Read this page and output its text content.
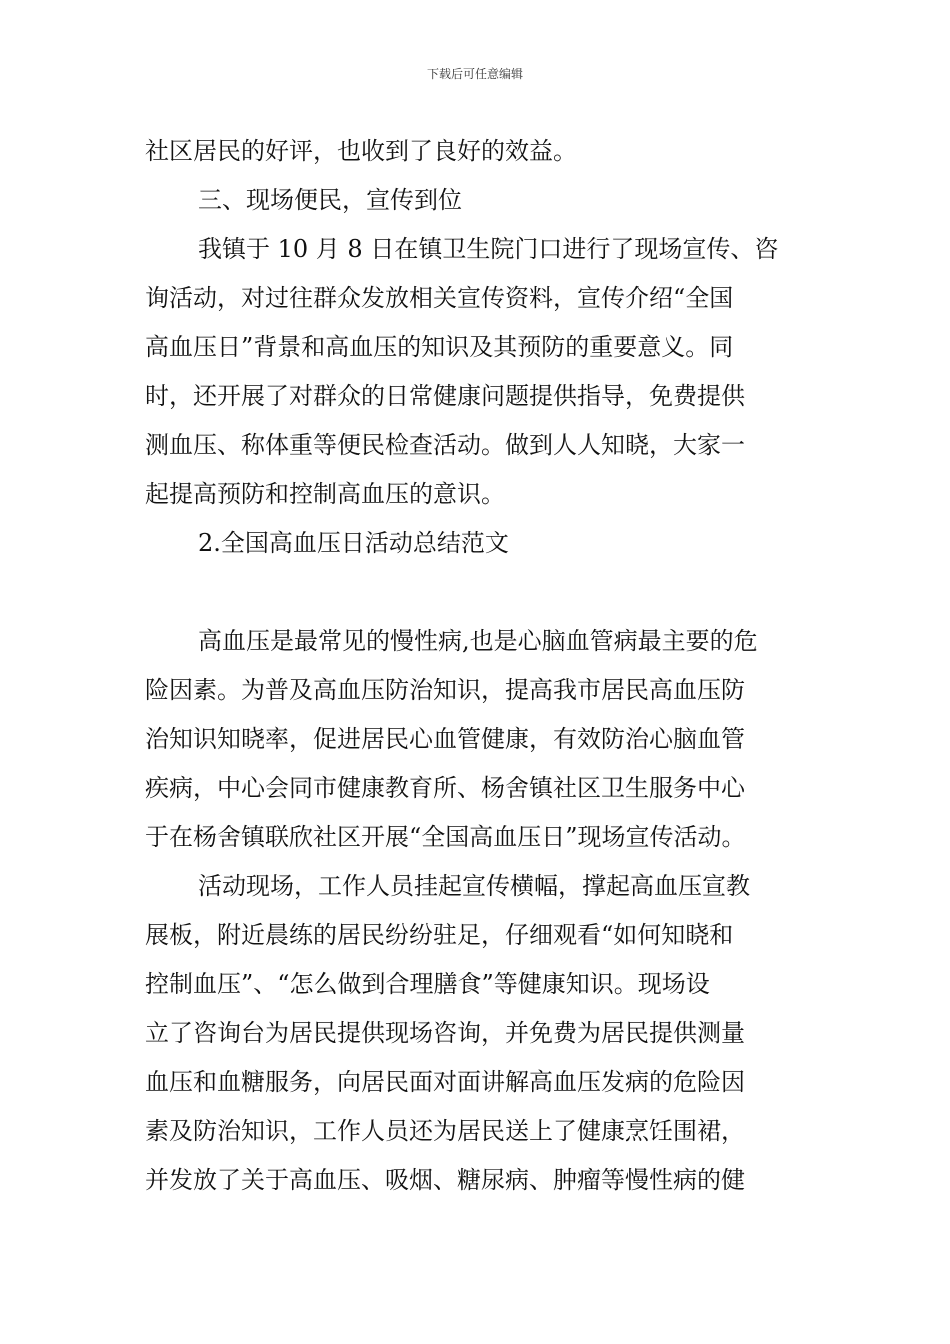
下载后可任意编辑
社区居民的好评，也收到了良好的效益。
三、现场便民，宣传到位
我镇于 10 月 8 日在镇卫生院门口进行了现场宣传、咨
询活动，对过往群众发放相关宣传资料，宣传介绍“全国
高血压日”背景和高血压的知识及其预防的重要意义。同
时，还开展了对群众的日常健康问题提供指导，免费提供
测血压、称体重等便民检查活动。做到人人知晓，大家一
起提高预防和控制高血压的意识。
2.全国高血压日活动总结范文
高血压是最常见的慢性病,也是心脑血管病最主要的危
险因素。为普及高血压防治知识，提高我市居民高血压防
治知识知晓率，促进居民心血管健康，有效防治心脑血管
疾病，中心会同市健康教育所、杨舍镇社区卫生服务中心
于在杨舍镇联欣社区开展“全国高血压日”现场宣传活动。
活动现场，工作人员挂起宣传横幅，撑起高血压宣教
展板，附近晨练的居民纷纷驻足，仔细观看“如何知晓和
控制血压”、“怎么做到合理膳食”等健康知识。现场设
立了咨询台为居民提供现场咨询，并免费为居民提供测量
血压和血糖服务，向居民面对面讲解高血压发病的危险因
素及防治知识，工作人员还为居民送上了健康烹饪围裙，
并发放了关于高血压、吸烟、糖尿病、肿瘤等慢性病的健
